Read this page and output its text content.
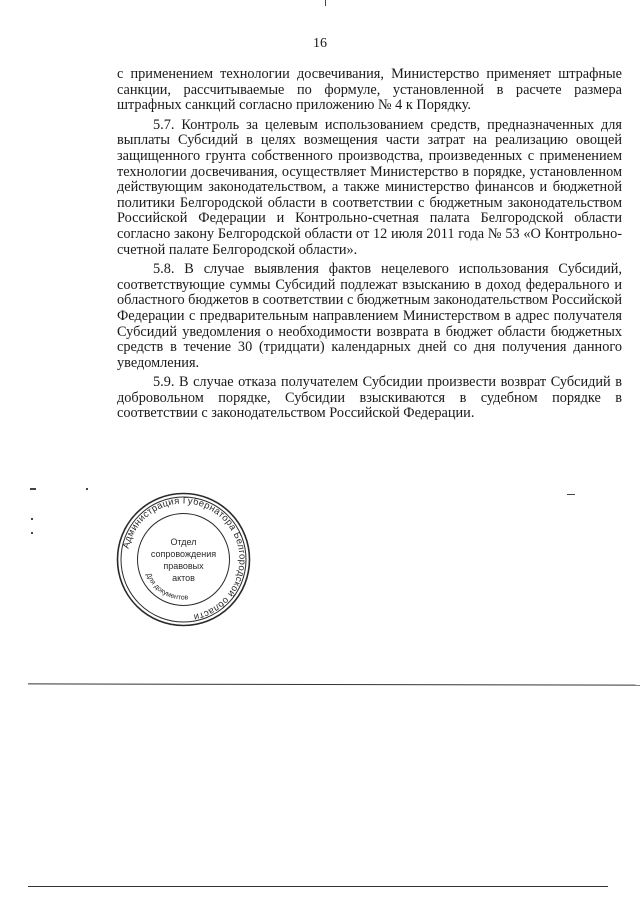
16

с применением технологии досвечивания, Министерство применяет штрафные санкции, рассчитываемые по формуле, установленной в расчете размера штрафных санкций согласно приложению № 4 к Порядку.

5.7. Контроль за целевым использованием средств, предназначенных для выплаты Субсидий в целях возмещения части затрат на реализацию овощей защищенного грунта собственного производства, произведенных с применением технологии досвечивания, осуществляет Министерство в порядке, установленном действующим законодательством, а также министерство финансов и бюджетной политики Белгородской области в соответствии с бюджетным законодательством Российской Федерации и Контрольно-счетная палата Белгородской области согласно закону Белгородской области от 12 июля 2011 года № 53 «О Контрольно-счетной палате Белгородской области».

5.8. В случае выявления фактов нецелевого использования Субсидий, соответствующие суммы Субсидий подлежат взысканию в доход федерального и областного бюджетов в соответствии с бюджетным законодательством Российской Федерации с предварительным направлением Министерством в адрес получателя Субсидий уведомления о необходимости возврата в бюджет области бюджетных средств в течение 30 (тридцати) календарных дней со дня получения данного уведомления.

5.9. В случае отказа получателем Субсидии произвести возврат Субсидий в добровольном порядке, Субсидии взыскиваются в судебном порядке в соответствии с законодательством Российской Федерации.

Администрация Губернатора Белгородской области
Для документов
Отдел
сопровождения
правовых
актов
